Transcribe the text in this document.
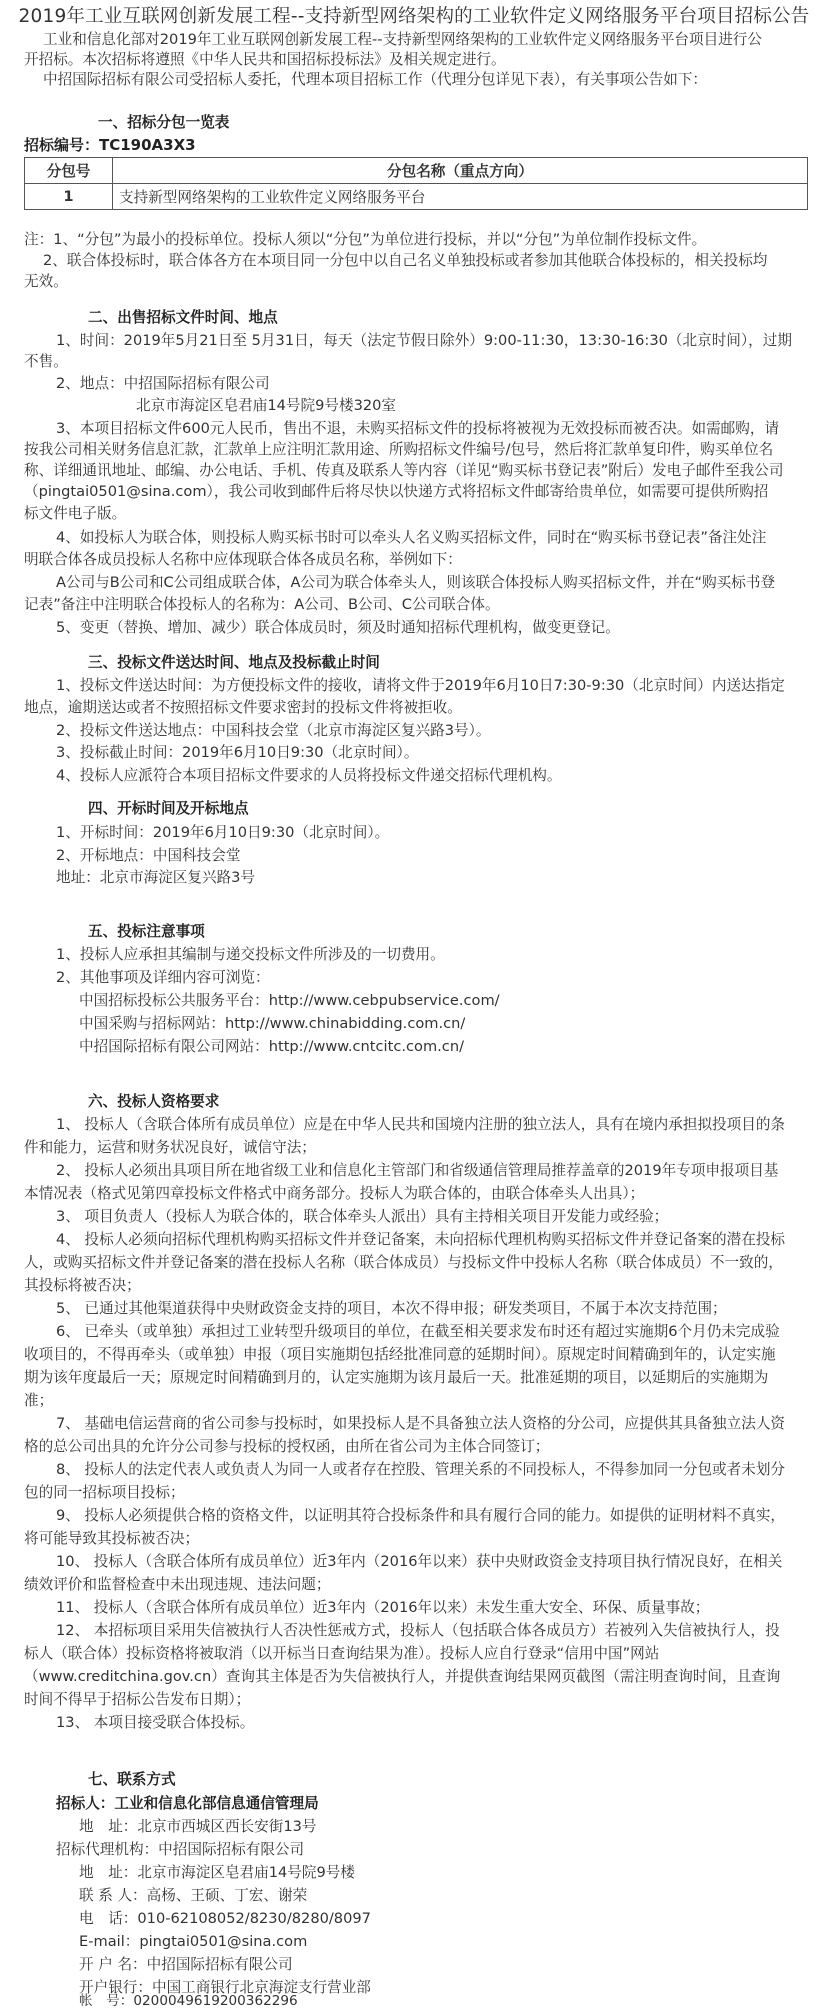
2019年工业互联网创新发展工程--支持新型网络架构的工业软件定义网络服务平台项目招标公告
工业和信息化部对2019年工业互联网创新发展工程--支持新型网络架构的工业软件定义网络服务平台项目进行公
开招标。本次招标将遵照《中华人民共和国招标投标法》及相关规定进行。
中招国际招标有限公司受招标人委托，代理本项目招标工作（代理分包详见下表），有关事项公告如下：
一、招标分包一览表
招标编号：TC190A3X3
分包号	分包名称（重点方向）
1	支持新型网络架构的工业软件定义网络服务平台
注：1、“分包”为最小的投标单位。投标人须以“分包”为单位进行投标，并以“分包”为单位制作投标文件。
2、联合体投标时，联合体各方在本项目同一分包中以自己名义单独投标或者参加其他联合体投标的，相关投标均
无效。
二、出售招标文件时间、地点
1、时间：2019年5月21日至 5月31日，每天（法定节假日除外）9:00-11:30，13:30-16:30（北京时间），过期
不售。
2、地点：中招国际招标有限公司
北京市海淀区皂君庙14号院9号楼320室
3、本项目招标文件600元人民币，售出不退，未购买招标文件的投标将被视为无效投标而被否决。如需邮购，请
按我公司相关财务信息汇款，汇款单上应注明汇款用途、所购招标文件编号/包号，然后将汇款单复印件，购买单位名
称、详细通讯地址、邮编、办公电话、手机、传真及联系人等内容（详见“购买标书登记表”附后）发电子邮件至我公司
（pingtai0501@sina.com），我公司收到邮件后将尽快以快递方式将招标文件邮寄给贵单位，如需要可提供所购招
标文件电子版。
4、如投标人为联合体，则投标人购买标书时可以牵头人名义购买招标文件，同时在“购买标书登记表”备注处注
明联合体各成员投标人名称中应体现联合体各成员名称，举例如下：
A公司与B公司和C公司组成联合体，A公司为联合体牵头人，则该联合体投标人购买招标文件，并在“购买标书登
记表”备注中注明联合体投标人的名称为：A公司、B公司、C公司联合体。
5、变更（替换、增加、减少）联合体成员时，须及时通知招标代理机构，做变更登记。
三、投标文件送达时间、地点及投标截止时间
1、投标文件送达时间：为方便投标文件的接收，请将文件于2019年6月10日7:30-9:30（北京时间）内送达指定
地点，逾期送达或者不按照招标文件要求密封的投标文件将被拒收。
2、投标文件送达地点：中国科技会堂（北京市海淀区复兴路3号）。
3、投标截止时间：2019年6月10日9:30（北京时间）。
4、投标人应派符合本项目招标文件要求的人员将投标文件递交招标代理机构。
四、开标时间及开标地点
1、开标时间：2019年6月10日9:30（北京时间）。
2、开标地点：中国科技会堂
地址：北京市海淀区复兴路3号
五、投标注意事项
1、投标人应承担其编制与递交投标文件所涉及的一切费用。
2、其他事项及详细内容可浏览：
中国招标投标公共服务平台：http://www.cebpubservice.com/
中国采购与招标网站：http://www.chinabidding.com.cn/
中招国际招标有限公司网站：http://www.cntcitc.com.cn/
六、投标人资格要求
1、 投标人（含联合体所有成员单位）应是在中华人民共和国境内注册的独立法人，具有在境内承担拟投项目的条
件和能力，运营和财务状况良好，诚信守法；
2、 投标人必须出具项目所在地省级工业和信息化主管部门和省级通信管理局推荐盖章的2019年专项申报项目基
本情况表（格式见第四章投标文件格式中商务部分。投标人为联合体的，由联合体牵头人出具）；
3、 项目负责人（投标人为联合体的，联合体牵头人派出）具有主持相关项目开发能力或经验；
4、 投标人必须向招标代理机构购买招标文件并登记备案，未向招标代理机构购买招标文件并登记备案的潜在投标
人，或购买招标文件并登记备案的潜在投标人名称（联合体成员）与投标文件中投标人名称（联合体成员）不一致的，
其投标将被否决；
5、 已通过其他渠道获得中央财政资金支持的项目，本次不得申报；研发类项目，不属于本次支持范围；
6、 已牵头（或单独）承担过工业转型升级项目的单位，在截至相关要求发布时还有超过实施期6个月仍未完成验
收项目的，不得再牵头（或单独）申报（项目实施期包括经批准同意的延期时间）。原规定时间精确到年的，认定实施
期为该年度最后一天；原规定时间精确到月的，认定实施期为该月最后一天。批准延期的项目，以延期后的实施期为
准；
7、 基础电信运营商的省公司参与投标时，如果投标人是不具备独立法人资格的分公司，应提供其具备独立法人资
格的总公司出具的允许分公司参与投标的授权函，由所在省公司为主体合同签订；
8、 投标人的法定代表人或负责人为同一人或者存在控股、管理关系的不同投标人，不得参加同一分包或者未划分
包的同一招标项目投标；
9、 投标人必须提供合格的资格文件，以证明其符合投标条件和具有履行合同的能力。如提供的证明材料不真实，
将可能导致其投标被否决；
10、 投标人（含联合体所有成员单位）近3年内（2016年以来）获中央财政资金支持项目执行情况良好，在相关
绩效评价和监督检查中未出现违规、违法问题；
11、 投标人（含联合体所有成员单位）近3年内（2016年以来）未发生重大安全、环保、质量事故；
12、 本招标项目采用失信被执行人否决性惩戒方式，投标人（包括联合体各成员方）若被列入失信被执行人，投
标人（联合体）投标资格将被取消（以开标当日查询结果为准）。投标人应自行登录“信用中国”网站
（www.creditchina.gov.cn）查询其主体是否为失信被执行人，并提供查询结果网页截图（需注明查询时间，且查询
时间不得早于招标公告发布日期）；
13、 本项目接受联合体投标。
七、联系方式
招标人：工业和信息化部信息通信管理局
地　址：北京市西城区西长安街13号
招标代理机构：中招国际招标有限公司
地　址：北京市海淀区皂君庙14号院9号楼
联 系 人：高杨、王硕、丁宏、谢荣
电　话：010-62108052/8230/8280/8097
E-mail：pingtai0501@sina.com
开 户 名：中招国际招标有限公司
开户银行：中国工商银行北京海淀支行营业部
帐　号：0200049619200362296
